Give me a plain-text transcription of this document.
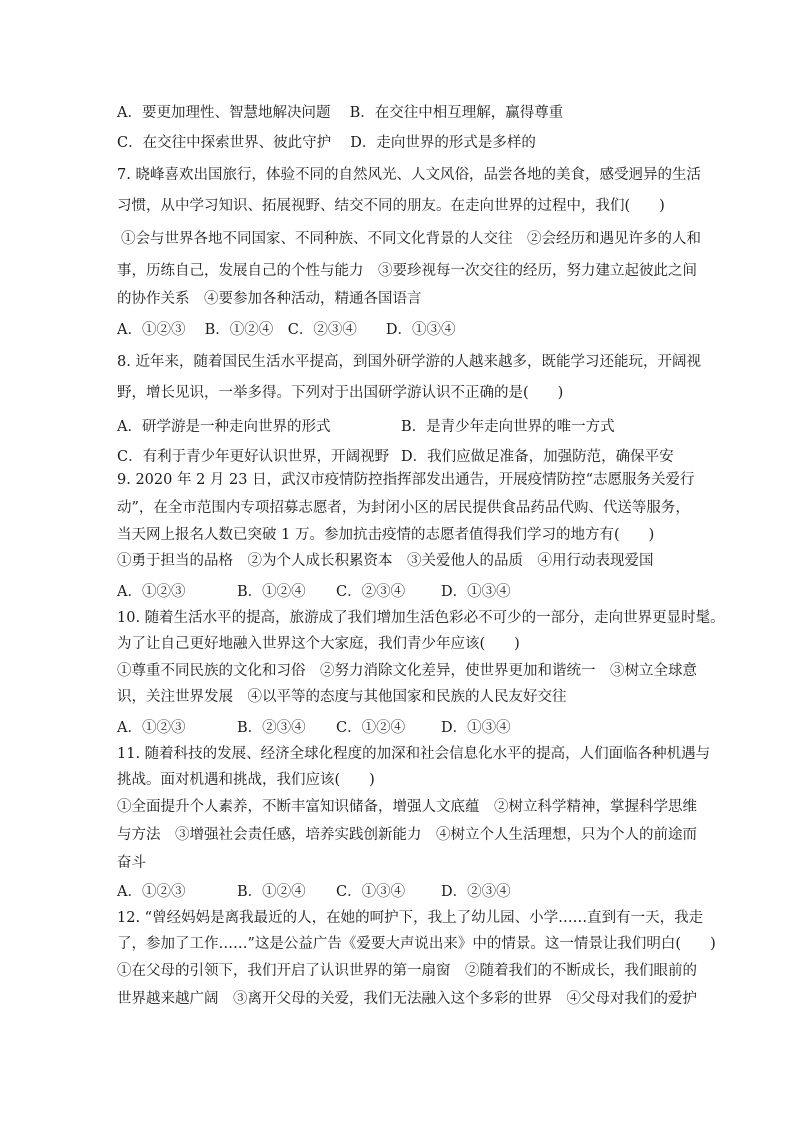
A．要更加理性、智慧地解决问题　 B．在交往中相互理解，赢得尊重
C．在交往中探索世界、彼此守护　 D．走向世界的形式是多样的
7. 晓峰喜欢出国旅行，体验不同的自然风光、人文风俗，品尝各地的美食，感受迥异的生活
习惯，从中学习知识、拓展视野、结交不同的朋友。在走向世界的过程中，我们(　　)
①会与世界各地不同国家、不同种族、不同文化背景的人交往　②会经历和遇见许多的人和
事，历练自己，发展自己的个性与能力　③要珍视每一次交往的经历，努力建立起彼此之间
的协作关系　④要参加各种活动，精通各国语言
A．①②③　 B．①②④　C．②③④　　D．①③④
8. 近年来，随着国民生活水平提高，到国外研学游的人越来越多，既能学习还能玩，开阔视
野，增长见识，一举多得。下列对于出国研学游认识不正确的是(　　)
A．研学游是一种走向世界的形式	B．是青少年走向世界的唯一方式
C．有利于青少年更好认识世界，开阔视野 D．我们应做足准备，加强防范，确保平安
9. 2020 年 2 月 23 日，武汉市疫情防控指挥部发出通告，开展疫情防控“志愿服务关爱行
动”，在全市范围内专项招募志愿者，为封闭小区的居民提供食品药品代购、代送等服务，
当天网上报名人数已突破 1 万。参加抗击疫情的志愿者值得我们学习的地方有(　　)
①勇于担当的品格　②为个人成长积累资本　③关爱他人的品质　④用行动表现爱国
A．①②③	B．①②④ C．②③④ D．①③④
10. 随着生活水平的提高，旅游成了我们增加生活色彩必不可少的一部分，走向世界更显时髦。
为了让自己更好地融入世界这个大家庭，我们青少年应该(　　)
①尊重不同民族的文化和习俗　②努力消除文化差异，使世界更加和谐统一　③树立全球意
识，关注世界发展　④以平等的态度与其他国家和民族的人民友好交往
A．①②③	B．②③④ C．①②④ D．①③④
11. 随着科技的发展、经济全球化程度的加深和社会信息化水平的提高，人们面临各种机遇与
挑战。面对机遇和挑战，我们应该(　　)
①全面提升个人素养，不断丰富知识储备，增强人文底蕴　②树立科学精神，掌握科学思维
与方法　③增强社会责任感，培养实践创新能力　④树立个人生活理想，只为个人的前途而
奋斗
A．①②③	B．①②④ C．①③④ D．②③④
12. “曾经妈妈是离我最近的人，在她的呵护下，我上了幼儿园、小学……直到有一天，我走
了，参加了工作……”这是公益广告《爱要大声说出来》中的情景。这一情景让我们明白(　　)
①在父母的引领下，我们开启了认识世界的第一扇窗　②随着我们的不断成长，我们眼前的
世界越来越广阔　③离开父母的关爱，我们无法融入这个多彩的世界　④父母对我们的爱护
